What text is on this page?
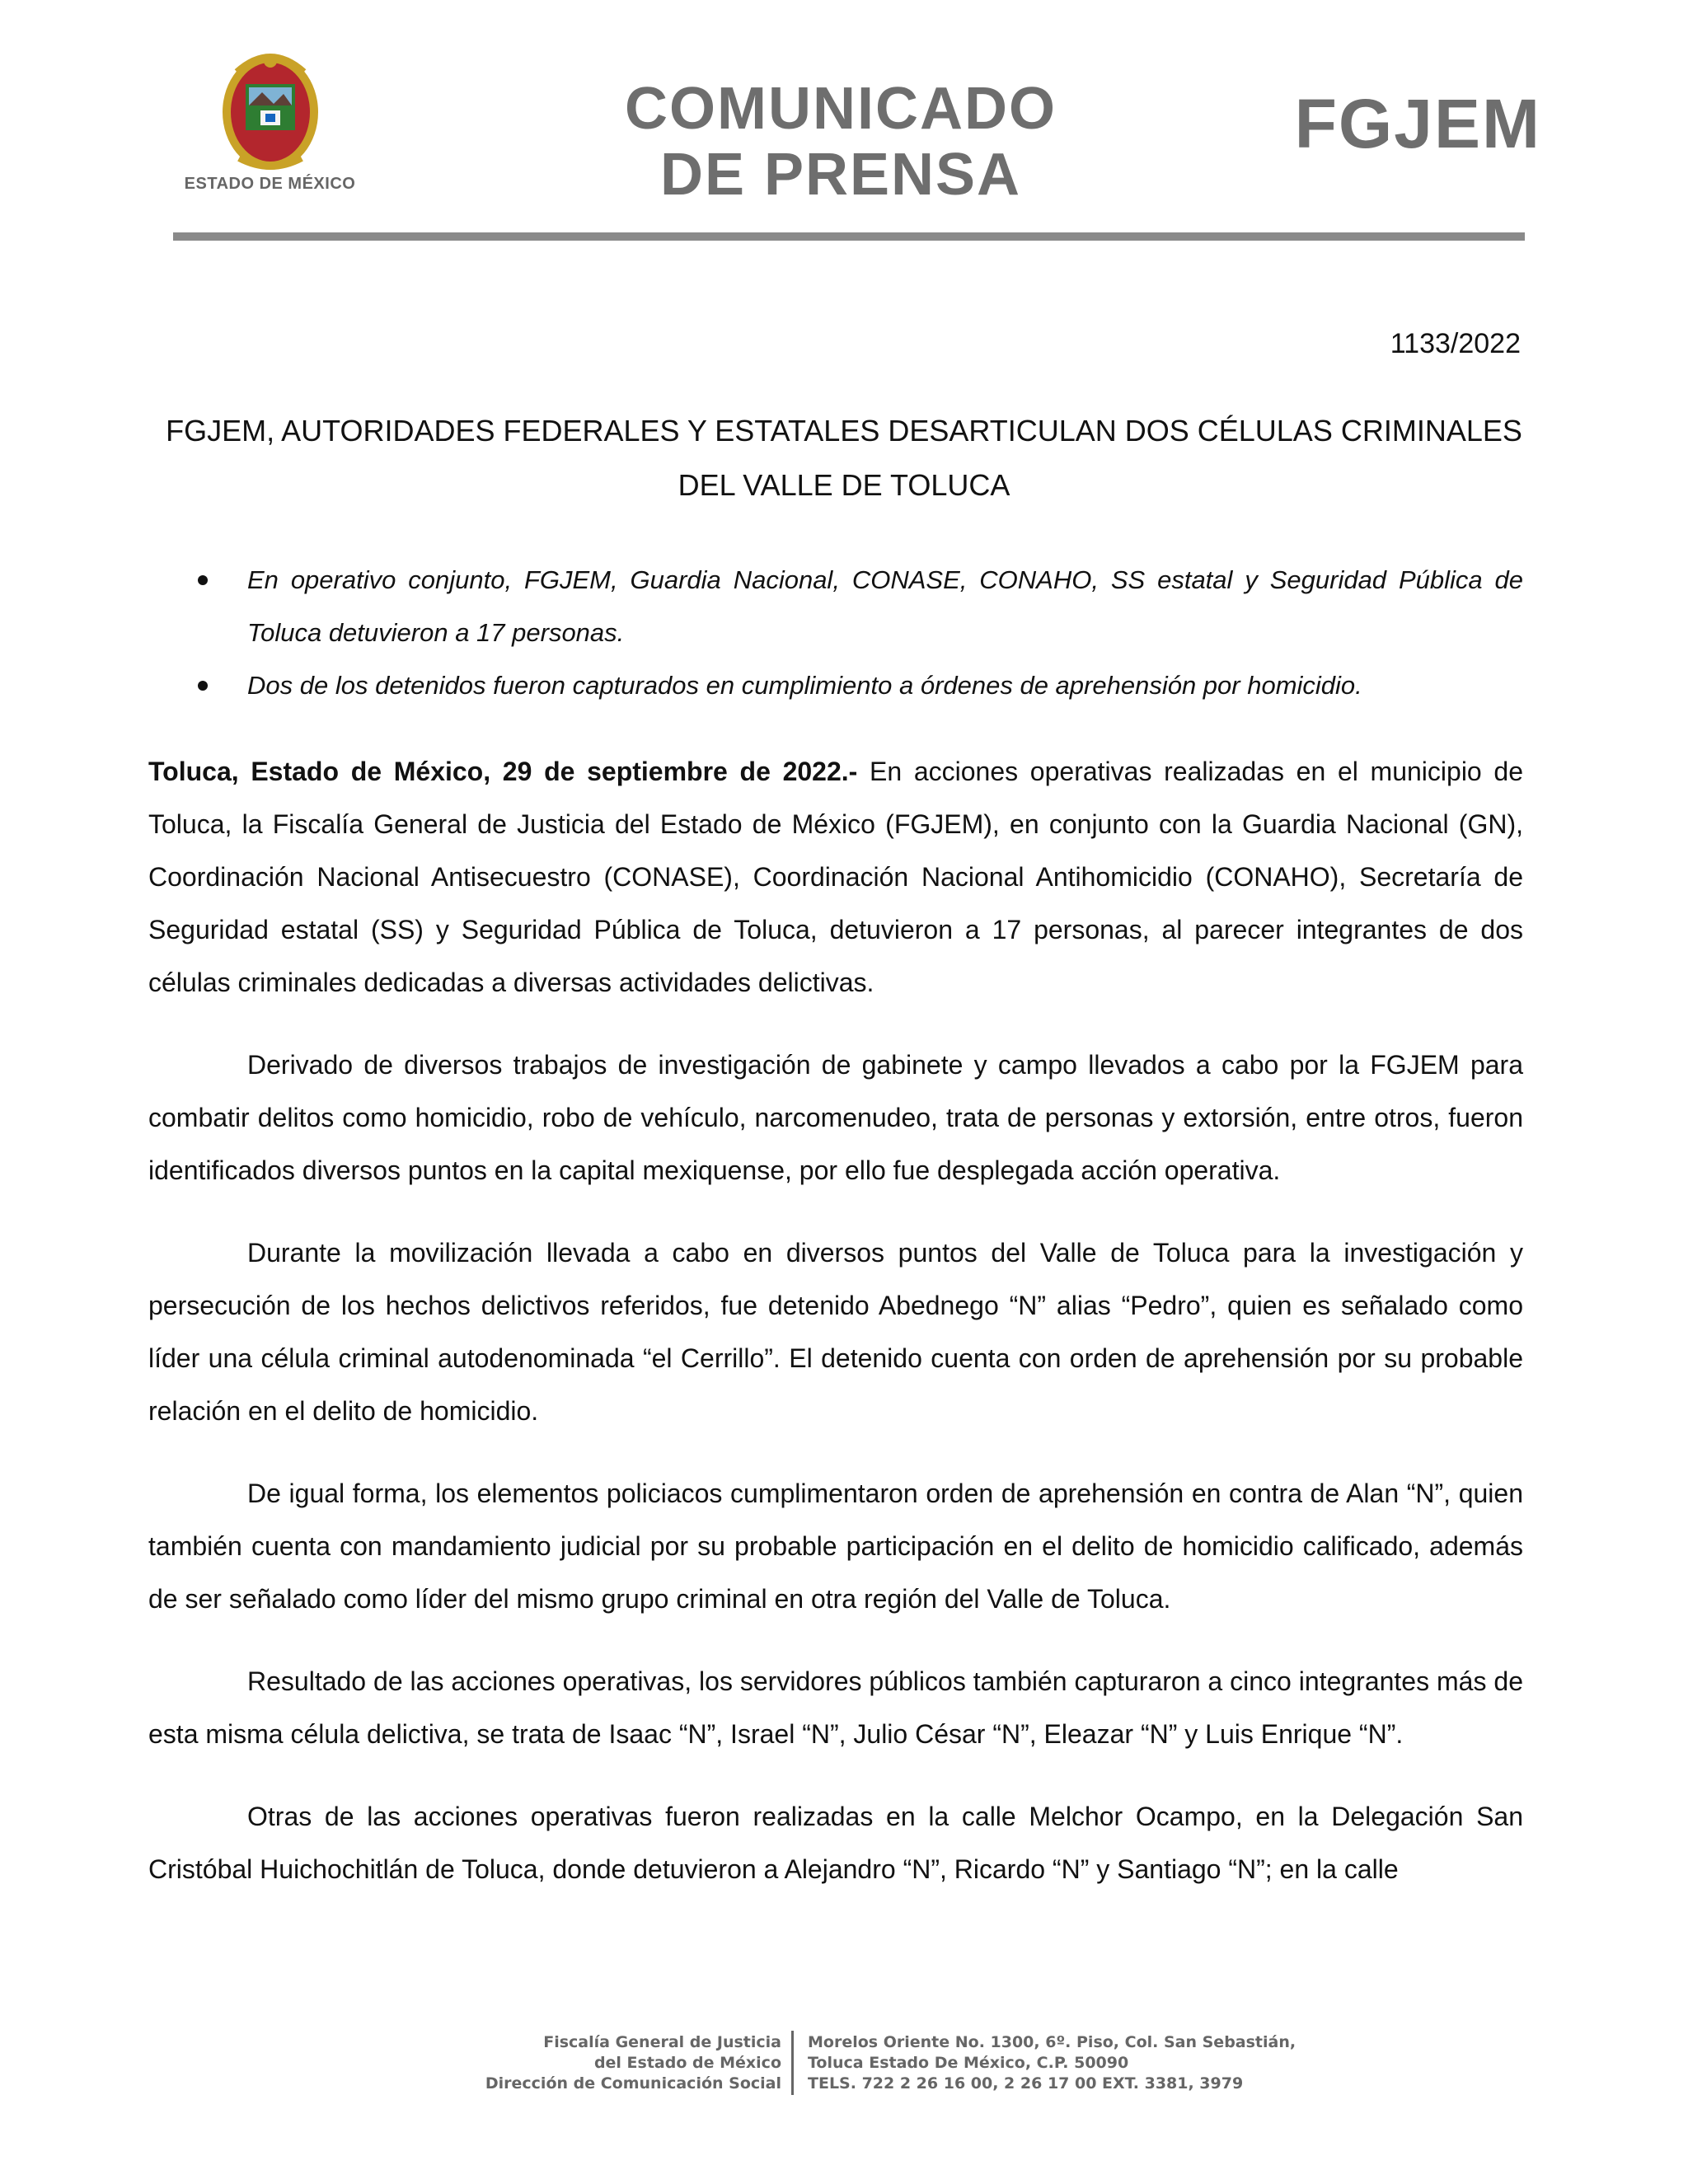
ESTADO DE MÉXICO
COMUNICADO
DE PRENSA
FGJEM
1133/2022
FGJEM, AUTORIDADES FEDERALES Y ESTATALES DESARTICULAN DOS CÉLULAS CRIMINALES DEL VALLE DE TOLUCA
En operativo conjunto, FGJEM, Guardia Nacional, CONASE, CONAHO, SS estatal y Seguridad Pública de Toluca detuvieron a 17 personas.
Dos de los detenidos fueron capturados en cumplimiento a órdenes de aprehensión por homicidio.

Toluca, Estado de México, 29 de septiembre de 2022.- En acciones operativas realizadas en el municipio de Toluca, la Fiscalía General de Justicia del Estado de México (FGJEM), en conjunto con la Guardia Nacional (GN), Coordinación Nacional Antisecuestro (CONASE), Coordinación Nacional Antihomicidio (CONAHO), Secretaría de Seguridad estatal (SS) y Seguridad Pública de Toluca, detuvieron a 17 personas, al parecer integrantes de dos células criminales dedicadas a diversas actividades delictivas.

Derivado de diversos trabajos de investigación de gabinete y campo llevados a cabo por la FGJEM para combatir delitos como homicidio, robo de vehículo, narcomenudeo, trata de personas y extorsión, entre otros, fueron identificados diversos puntos en la capital mexiquense, por ello fue desplegada acción operativa.

Durante la movilización llevada a cabo en diversos puntos del Valle de Toluca para la investigación y persecución de los hechos delictivos referidos, fue detenido Abednego “N” alias “Pedro”, quien es señalado como líder una célula criminal autodenominada “el Cerrillo”. El detenido cuenta con orden de aprehensión por su probable relación en el delito de homicidio.

De igual forma, los elementos policiacos cumplimentaron orden de aprehensión en contra de Alan “N”, quien también cuenta con mandamiento judicial por su probable participación en el delito de homicidio calificado, además de ser señalado como líder del mismo grupo criminal en otra región del Valle de Toluca.

Resultado de las acciones operativas, los servidores públicos también capturaron a cinco integrantes más de esta misma célula delictiva, se trata de Isaac “N”, Israel “N”, Julio César “N”, Eleazar “N” y Luis Enrique “N”.

Otras de las acciones operativas fueron realizadas en la calle Melchor Ocampo, en la Delegación San Cristóbal Huichochitlán de Toluca, donde detuvieron a Alejandro “N”, Ricardo “N” y Santiago “N”; en la calle

Fiscalía General de Justicia
del Estado de México
Dirección de Comunicación Social
Morelos Oriente No. 1300, 6º. Piso, Col. San Sebastián,
Toluca Estado De México, C.P. 50090
TELS. 722 2 26 16 00, 2 26 17 00 EXT. 3381, 3979
